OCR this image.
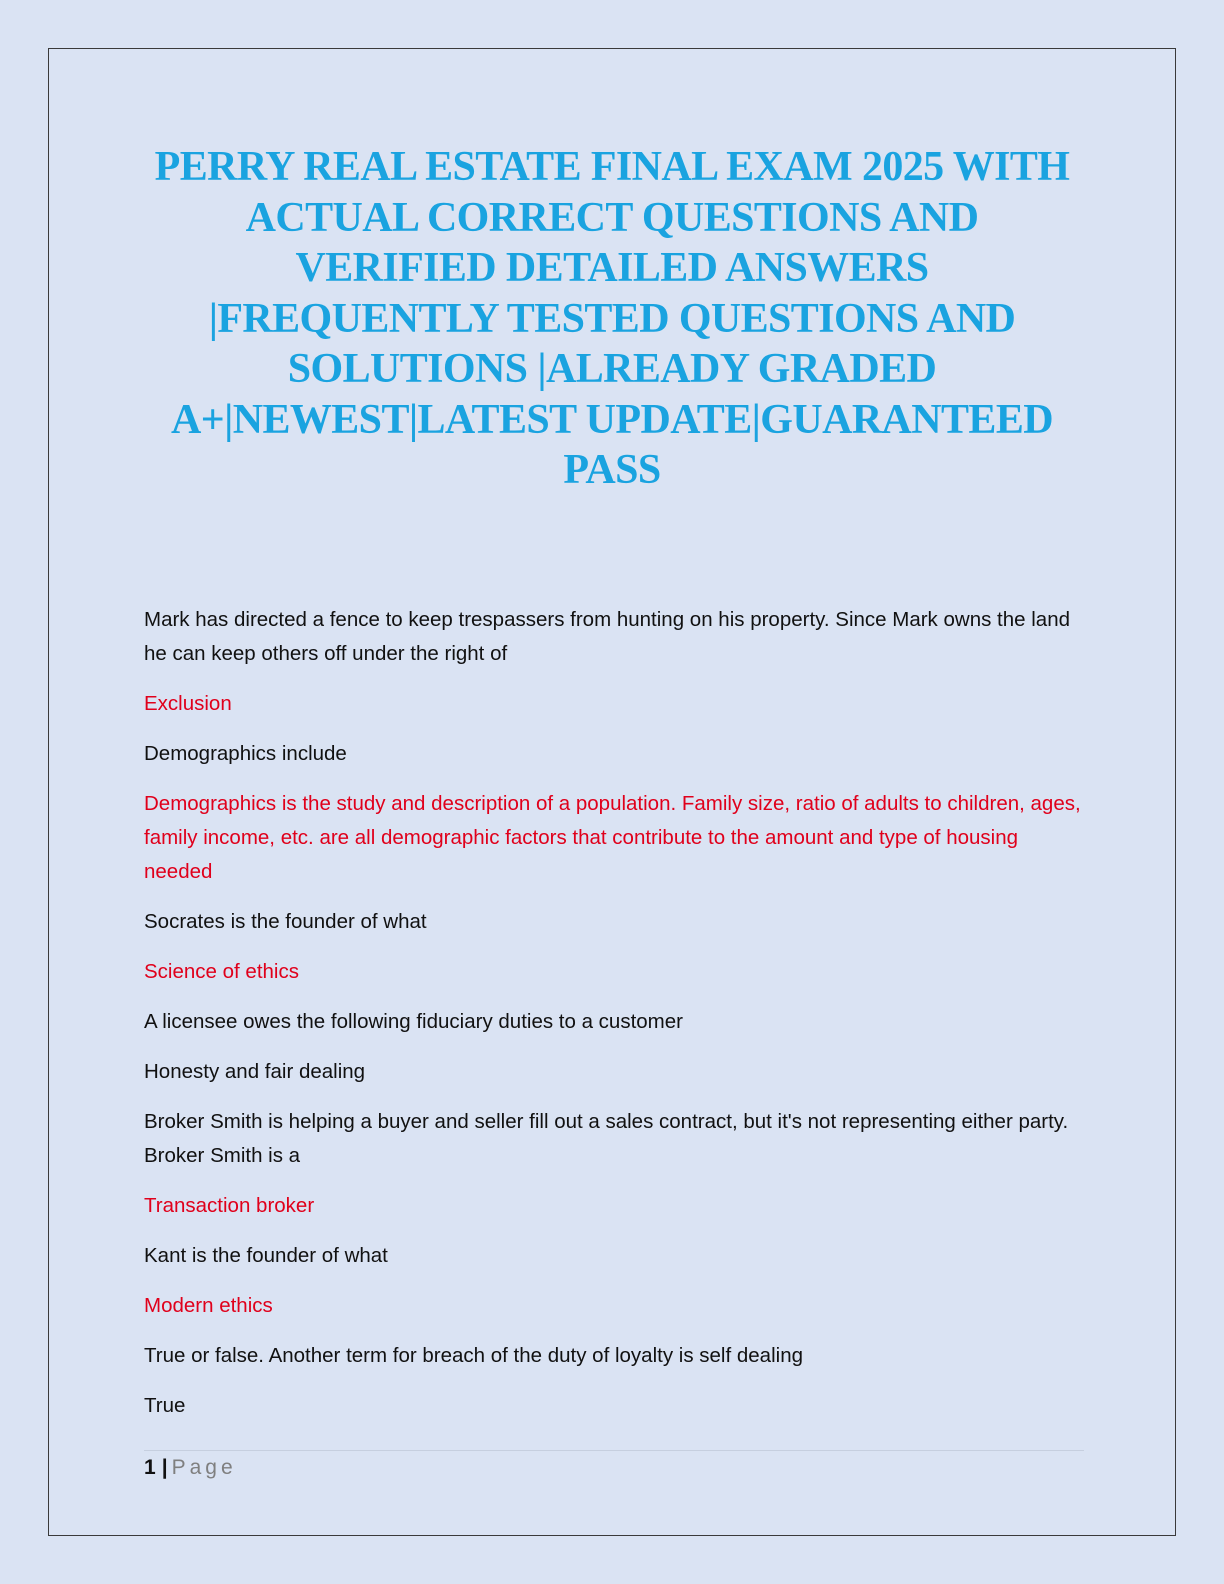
PERRY REAL ESTATE FINAL EXAM 2025 WITH ACTUAL CORRECT QUESTIONS AND VERIFIED DETAILED ANSWERS |FREQUENTLY TESTED QUESTIONS AND SOLUTIONS |ALREADY GRADED A+|NEWEST|LATEST UPDATE|GUARANTEED PASS

Mark has directed a fence to keep trespassers from hunting on his property. Since Mark owns the land he can keep others off under the right of

Exclusion

Demographics include

Demographics is the study and description of a population. Family size, ratio of adults to children, ages, family income, etc. are all demographic factors that contribute to the amount and type of housing needed

Socrates is the founder of what

Science of ethics

A licensee owes the following fiduciary duties to a customer

Honesty and fair dealing

Broker Smith is helping a buyer and seller fill out a sales contract, but it's not representing either party. Broker Smith is a

Transaction broker

Kant is the founder of what

Modern ethics

True or false. Another term for breach of the duty of loyalty is self dealing

True

1 | Page
